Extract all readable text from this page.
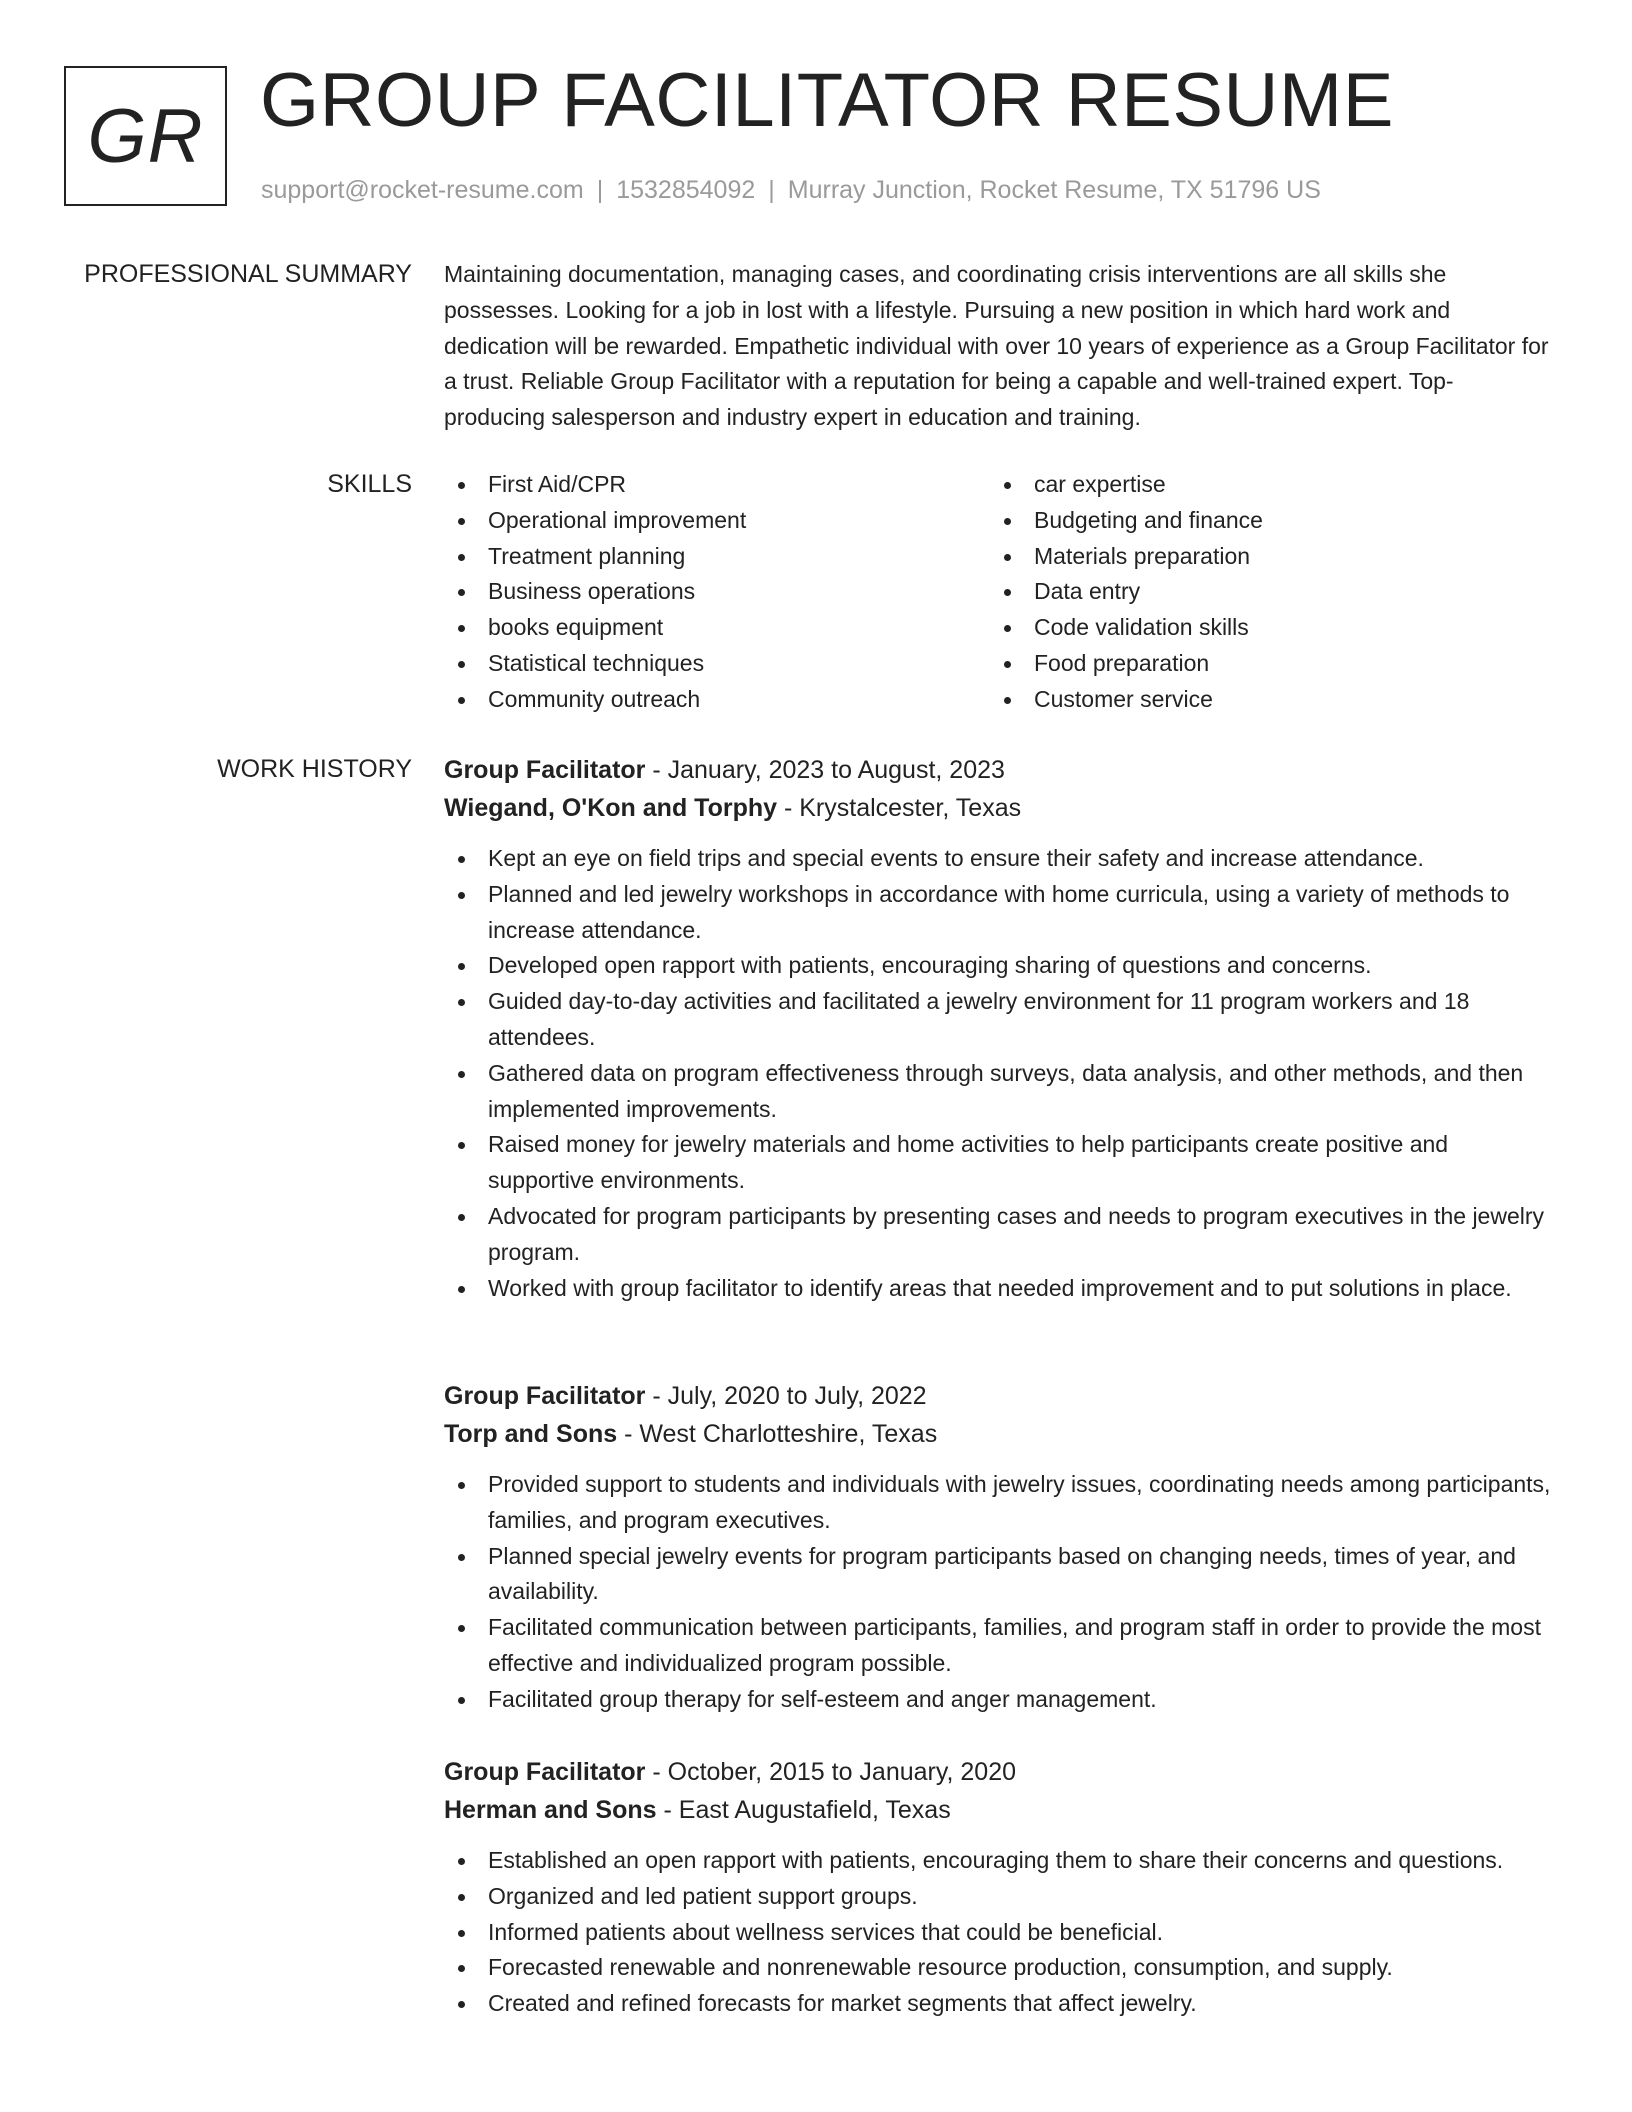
GR GROUP FACILITATOR RESUME
support@rocket-resume.com | 1532854092 | Murray Junction, Rocket Resume, TX 51796 US
PROFESSIONAL SUMMARY Maintaining documentation, managing cases, and coordinating crisis interventions are all skills she possesses. Looking for a job in lost with a lifestyle. Pursuing a new position in which hard work and dedication will be rewarded. Empathetic individual with over 10 years of experience as a Group Facilitator for a trust. Reliable Group Facilitator with a reputation for being a capable and well-trained expert. Top-producing salesperson and industry expert in education and training.

SKILLS	First Aid/CPR
Operational improvement
Treatment planning
Business operations
books equipment
Statistical techniques
Community outreach
car expertise
Budgeting and finance
Materials preparation
Data entry
Code validation skills
Food preparation
Customer service
WORK HISTORY Group Facilitator - January, 2023 to August, 2023
Wiegand, O'Kon and Torphy - Krystalcester, Texas
Kept an eye on field trips and special events to ensure their safety and increase attendance.
Planned and led jewelry workshops in accordance with home curricula, using a variety of methods to increase attendance.
Developed open rapport with patients, encouraging sharing of questions and concerns.
Guided day-to-day activities and facilitated a jewelry environment for 11 program workers and 18 attendees.
Gathered data on program effectiveness through surveys, data analysis, and other methods, and then implemented improvements.
Raised money for jewelry materials and home activities to help participants create positive and supportive environments.
Advocated for program participants by presenting cases and needs to program executives in the jewelry program.
Worked with group facilitator to identify areas that needed improvement and to put solutions in place.
Group Facilitator - July, 2020 to July, 2022
Torp and Sons - West Charlotteshire, Texas
Provided support to students and individuals with jewelry issues, coordinating needs among participants, families, and program executives.
Planned special jewelry events for program participants based on changing needs, times of year, and availability.
Facilitated communication between participants, families, and program staff in order to provide the most effective and individualized program possible.
Facilitated group therapy for self-esteem and anger management.
Group Facilitator - October, 2015 to January, 2020
Herman and Sons - East Augustafield, Texas
Established an open rapport with patients, encouraging them to share their concerns and questions.
Organized and led patient support groups.
Informed patients about wellness services that could be beneficial.
Forecasted renewable and nonrenewable resource production, consumption, and supply.
Created and refined forecasts for market segments that affect jewelry.
